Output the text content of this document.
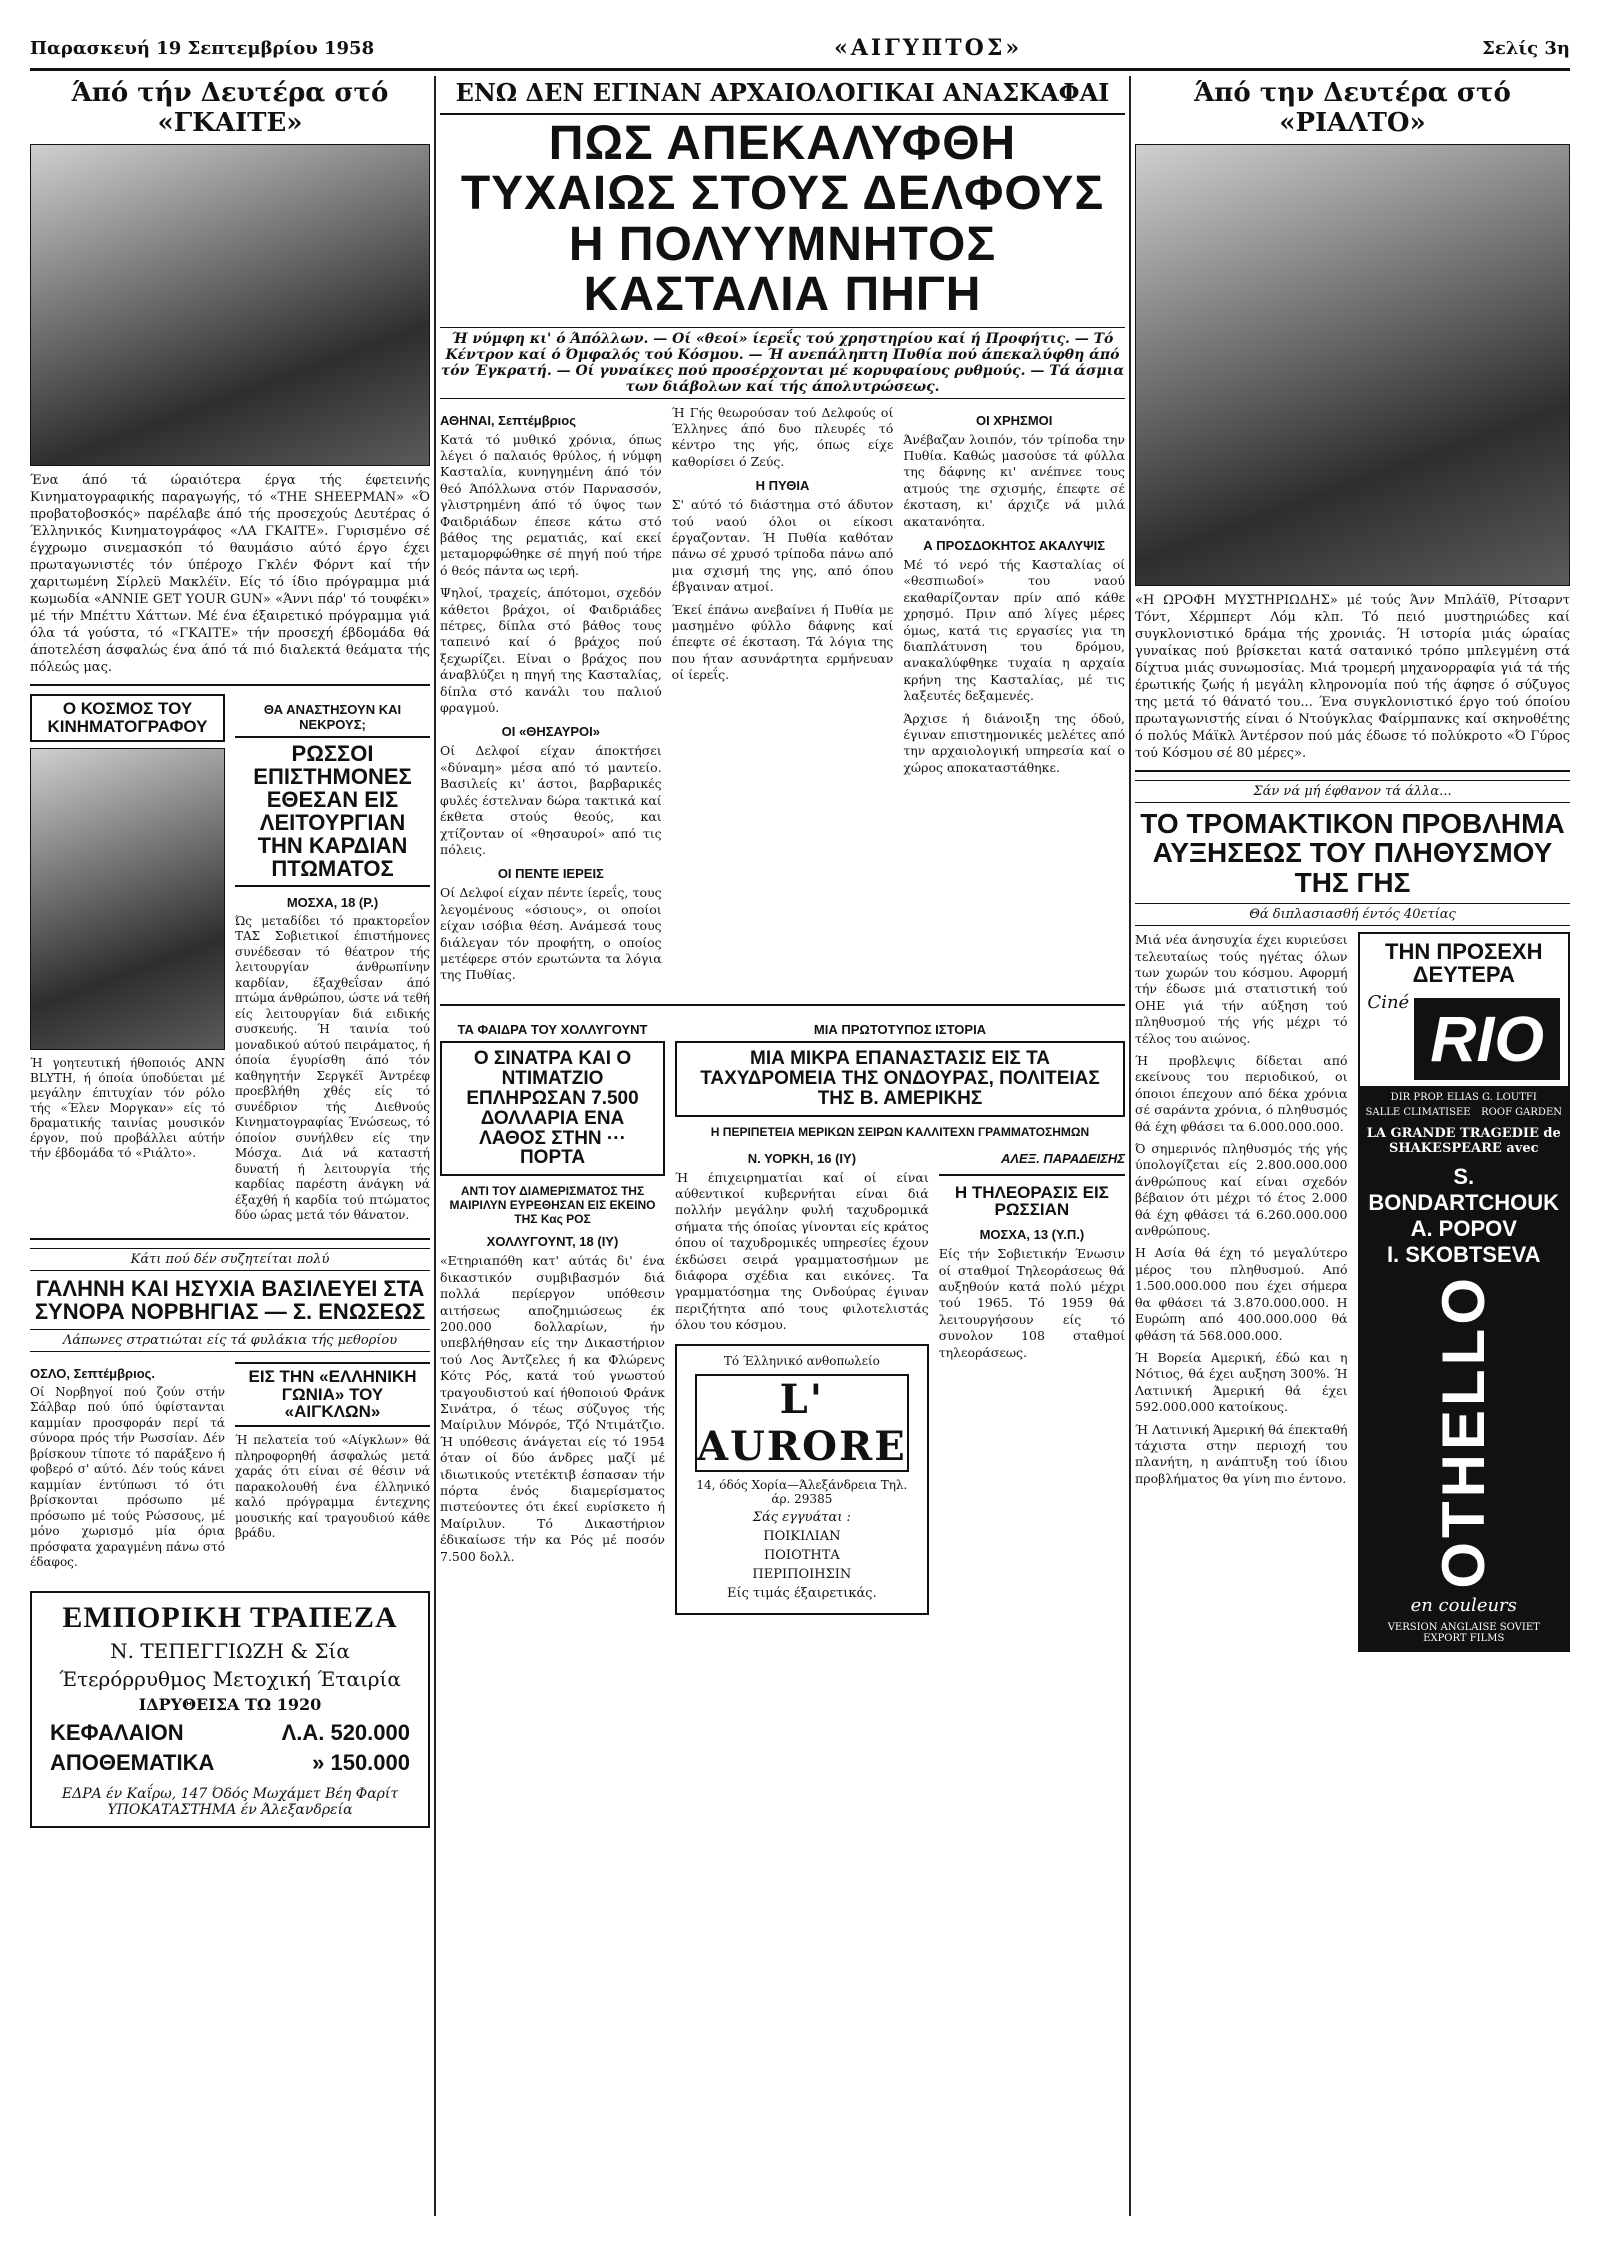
Παρασκευή 19 Σεπτεμβρίου 1958	«ΑΙΓΥΠΤΟΣ»	Σελίς 3η
Άπό τήν Δευτέρα στό «ΓΚΑΙΤΕ»

Ένα άπό τά ώραιότερα έργα τής έφετεινής Κινηματογραφικής παραγωγής, τό «ΤΗΕ SHEEPMAN» «Ό προβατοβοσκός» παρέλαβε άπό τής προσεχούς Δευτέρας ό Έλληνικός Κινηματογράφος «ΛΑ ΓΚΑΙΤΕ». Γυρισμένο σέ έγχρωμο σινεμασκόπ τό θαυμάσιο αύτό έργο έχει πρωταγωνιστές τόν ύπέροχο Γκλέν Φόρντ καί τήν χαριτωμένη Σίρλεϋ Μακλέϊν. Είς τό ίδιο πρόγραμμα μιά κωμωδία «ANNIE GET YOUR GUN» «Άννι πάρ' τό τουφέκι» μέ τήν Μπέττυ Χάττων. Μέ ένα έξαιρετικό πρόγραμμα γιά όλα τά γούστα, τό «ΓΚΑΙΤΕ» τήν προσεχή έβδομάδα θά άποτελέση άσφαλώς ένα άπό τά πιό διαλεκτά θεάματα τής πόλεώς μας.

Ο ΚΟΣΜΟΣ ΤΟΥ ΚΙΝΗΜΑΤΟΓΡΑΦΟΥ

Ή γοητευτική ήθοποιός ΑΝΝ ΒLYTH, ή όποία ύποδύεται μέ μεγάλην έπιτυχίαν τόν ρόλο τής «Έλεν Μοργκαν» είς τό δραματικής ταινίας μουσικόν έργον, πού προβάλλει αύτήν τήν έβδομάδα τό «Ριάλτο».

ΘΑ ΑΝΑΣΤΗΣΟΥΝ ΚΑΙ ΝΕΚΡΟΥΣ;
ΡΩΣΣΟΙ ΕΠΙΣΤΗΜΟΝΕΣ ΕΘΕΣΑΝ ΕΙΣ ΛΕΙΤΟΥΡΓΙΑΝ ΤΗΝ ΚΑΡΔΙΑΝ ΠΤΩΜΑΤΟΣ
ΜΟΣΧΑ, 18 (Ρ.)

Ώς μεταδίδει τό πρακτορεΐον ΤΑΣ Σοβιετικοί έπιστήμονες συνέδεσαν τό θέατρον τής λειτουργίαν άνθρωπίνην καρδίαν, έξαχθεΐσαν άπό πτώμα άνθρώπου, ώστε νά τεθή είς λειτουργίαν διά ειδικής συσκευής. Ή ταινία τού μοναδικού αύτού πειράματος, ή όποία έγυρίσθη άπό τόν καθηγητήν Σεργκέϊ Άντρέεφ προεβλήθη χθές είς τό συνέδριον τής Διεθνούς Κινηματογραφίας Ένώσεως, τό όποίον συνήλθεν είς την Μόσχα. Διά νά καταστή δυνατή ή λειτουργία τής καρδίας παρέστη άνάγκη νά έξαχθή ή καρδία τού πτώματος δύο ώρας μετά τόν θάνατον.

Κάτι πού δέν συζητείται πολύ
ΓΑΛΗΝΗ ΚΑΙ ΗΣΥΧΙΑ ΒΑΣΙΛΕΥΕΙ ΣΤΑ ΣΥΝΟΡΑ ΝΟΡΒΗΓΙΑΣ — Σ. ΕΝΩΣΕΩΣ
Λάπωνες στρατιώται είς τά φυλάκια τής μεθορίου
ΟΣΛΟ, Σεπτέμβριος.

Οί Νορβηγοί πού ζούν στήν Σάλβαρ πού ύπό ύφίστανται καμμίαν προσφοράν περί τά σύνορα πρός τήν Ρωσσίαν. Δέν βρίσκουν τίποτε τό παράξενο ή φοβερό σ' αύτό. Δέν τούς κάνει καμμίαν έντύπωσι τό ότι βρίσκονται πρόσωπο μέ πρόσωπο μέ τούς Ρώσσους, μέ μόνο χωρισμό μία όρια πρόσφατα χαραγμένη πάνω στό έδαφος.

ΕΙΣ ΤΗΝ «ΕΛΛΗΝΙΚΗ ΓΩΝΙΑ» ΤΟΥ «ΑΙΓΚΛΩΝ»

Ή πελατεία τού «Αίγκλων» θά πληροφορηθή άσφαλώς μετά χαράς ότι είναι σέ θέσιν νά παρακολουθή ένα έλληνικό καλό πρόγραμμα έντεχνης μουσικής καί τραγουδιού κάθε βράδυ.

ΕΜΠΟΡΙΚΗ ΤΡΑΠΕΖΑ
Ν. ΤΕΠΕΓΓΙΩΖΗ & Σία
Έτερόρρυθμος Μετοχική Έταιρία
ΙΔΡΥΘΕΙΣΑ ΤΩ 1920
ΚΕΦΑΛΑΙΟΝ	Λ.Α. 520.000
ΑΠΟΘΕΜΑΤΙΚΑ	» 150.000
ΕΔΡΑ έν Καΐρω, 147 Όδός Μωχάμετ Βέη Φαρίτ ΥΠΟΚΑΤΑΣΤΗΜΑ έν Άλεξανδρεία
ΕΝΩ ΔΕΝ ΕΓΙΝΑΝ ΑΡΧΑΙΟΛΟΓΙΚΑΙ ΑΝΑΣΚΑΦΑΙ
ΠΩΣ ΑΠΕΚΑΛΥΦΘΗ ΤΥΧΑΙΩΣ ΣΤΟΥΣ ΔΕΛΦΟΥΣ Η ΠΟΛΥΥΜΝΗΤΟΣ ΚΑΣΤΑΛΙΑ ΠΗΓΗ
Ή νύμφη κι' ό Άπόλλων. — Οί «θεοί» ίερεΐς τού χρηστηρίου καί ή Προφήτις. — Τό Κέντρον καί ό Όμφαλός τού Κόσμου. — Ή ανεπάληπτη Πυθία πού άπεκαλύφθη άπό τόν Έγκρατή. — Οί γυναίκες πού προσέρχονται μέ κορυφαίους ρυθμούς. — Τά άσμια των διάβολων καί τής άπολυτρώσεως.
ΑΘΗΝΑΙ, Σεπτέμβριος

Κατά τό μυθικό χρόνια, όπως λέγει ό παλαιός θρύλος, ή νύμφη Κασταλία, κυνηγημένη άπό τόν θεό Άπόλλωνα στόν Παρνασσόν, γλιστρημένη άπό τό ύψος των Φαιδριάδων έπεσε κάτω στό βάθος της ρεματιάς, καί εκεί μεταμορφώθηκε σέ πηγή πού τήρε ό θεός πάντα ως ιερή.

Ψηλοί, τραχείς, άπότομοι, σχεδόν κάθετοι βράχοι, οί Φαιδριάδες πέτρες, δίπλα στό βάθος τους ταπεινό καί ό βράχος πού ξεχωρίζει. Είναι ο βράχος που άναβλύζει η πηγή της Κασταλίας, δίπλα στό κανάλι του παλιού φραγμού.

ΟΙ «ΘΗΣΑΥΡΟΙ»

Οί Δελφοί είχαν άποκτήσει «δύναμη» μέσα από τό μαντείο. Βασιλείς κι' άστοι, βαρβαρικές φυλές έστελναν δώρα τακτικά καί έκθετα στούς θεούς, και χτίζονταν οί «θησαυροί» από τις πόλεις.

ΟΙ ΠΕΝΤΕ ΙΕΡΕΙΣ

Οί Δελφοί είχαν πέντε ίερεΐς, τους λεγομένους «όσιους», οι οποίοι είχαν ισόβια θέση. Ανάμεσά τους διάλεγαν τόν προφήτη, ο οποίος μετέφερε στόν ερωτώντα τα λόγια της Πυθίας.

Ή Γής θεωρούσαν τού Δελφούς οί Έλληνες άπό δυο πλευρές τό κέντρο της γής, όπως είχε καθορίσει ό Ζεύς.

Η ΠΥΘΙΑ

Σ' αύτό τό διάστημα στό άδυτον τού ναού όλοι οι είκοσι έργαζονταν. Ή Πυθία καθόταν πάνω σέ χρυσό τρίποδα πάνω από μια σχισμή της γης, από όπου έβγαιναν ατμοί.

Έκεί έπάνω ανεβαίνει ή Πυθία με μασημένο φύλλο δάφνης καί έπεφτε σέ έκσταση. Τά λόγια της που ήταν ασυνάρτητα ερμήνευαν οί ίερεΐς.

ΟΙ ΧΡΗΣΜΟΙ

Άνέβαζαν λοιπόν, τόν τρίποδα την Πυθία. Καθώς μασούσε τά φύλλα της δάφνης κι' ανέπνεε τους ατμούς τηε σχισμής, έπεφτε σέ έκσταση, κι' άρχιζε νά μιλά ακατανόητα.

Α ΠΡΟΣΔΟΚΗΤΟΣ ΑΚΑΛΥΨΙΣ

Μέ τό νερό τής Κασταλίας οί «θεσπιωδοί» του ναού εκαθαρίζονταν πρίν από κάθε χρησμό. Πριν από λίγες μέρες όμως, κατά τις εργασίες για τη διαπλάτυνση του δρόμου, ανακαλύφθηκε τυχαία η αρχαία κρήνη της Κασταλίας, μέ τις λαξευτές δεξαμενές.

Άρχισε ή διάνοιξη της όδού, έγιναν επιστημονικές μελέτες από την αρχαιολογική υπηρεσία καί ο χώρος αποκαταστάθηκε.

ΤΑ ΦΑΙΔΡΑ ΤΟΥ ΧΟΛΛΥΓΟΥΝΤ
Ο ΣΙΝΑΤΡΑ ΚΑΙ Ο ΝΤΙΜΑΤΖΙΟ ΕΠΛΗΡΩΣΑΝ 7.500 ΔΟΛΛΑΡΙΑ ΕΝΑ ΛΑΘΟΣ ΣΤΗΝ ··· ΠΟΡΤΑ
ΑΝΤΙ ΤΟΥ ΔΙΑΜΕΡΙΣΜΑΤΟΣ ΤΗΣ ΜΑΙΡΙΛΥΝ ΕΥΡΕΘΗΣΑΝ ΕΙΣ ΕΚΕΙΝΟ ΤΗΣ Κας ΡΟΣ
ΧΟΛΛΥΓΟΥΝΤ, 18 (ΙΥ)

«Ετηριαπόθη κατ' αύτάς δι' ένα δικαστικόν συμβιβασμόν διά πολλά περίεργον υπόθεσιν αιτήσεως αποζημιώσεως έκ 200.000 δολλαρίων, ήν υπεβλήθησαν είς την Δικαστήριον τού Λος Άντζελες ή κα Φλώρενς Κότς Ρός, κατά τού γνωστού τραγουδιστού καί ήθοποιού Φράνκ Σινάτρα, ό τέως σύζυγος τής Μαίριλυν Μόνρόε, Τζό Ντιμάτζιο. Ή υπόθεσις άνάγεται είς τό 1954 όταν οί δύο άνδρες μαζί μέ ιδιωτικούς ντετέκτιβ έσπασαν τήν πόρτα ένός διαμερίσματος πιστεύοντες ότι έκεί ευρίσκετο ή Μαίριλυν. Τό Δικαστήριον έδικαίωσε τήν κα Ρός μέ ποσόν 7.500 δολλ.

ΜΙΑ ΠΡΩΤΟΤΥΠΟΣ ΙΣΤΟΡΙΑ
ΜΙΑ ΜΙΚΡΑ ΕΠΑΝΑΣΤΑΣΙΣ ΕΙΣ ΤΑ ΤΑΧΥΔΡΟΜΕΙΑ ΤΗΣ ΟΝΔΟΥΡΑΣ, ΠΟΛΙΤΕΙΑΣ ΤΗΣ Β. ΑΜΕΡΙΚΗΣ
Η ΠΕΡΙΠΕΤΕΙΑ ΜΕΡΙΚΩΝ ΣΕΙΡΩΝ ΚΑΛΛΙΤΕΧΝ ΓΡΑΜΜΑΤΟΣΗΜΩΝ
Ν. ΥΟΡΚΗ, 16 (ΙΥ)

Ή έπιχειρηματίαι καί οί είναι αύθεντικοί κυβερνήται είναι διά πολλήν μεγάλην φυλή ταχυδρομικά σήματα τής όποίας γίνονται είς κράτος όπου οί ταχυδρομικές υπηρεσίες έχουν έκδώσει σειρά γραμματοσήμων με διάφορα σχέδια και εικόνες. Τα γραμματόσημα της Ονδούρας έγιναν περιζήτητα από τους φιλοτελιστάς όλου του κόσμου.

Τό Έλληνικό ανθοπωλείο
L' AURORE
14, όδός Χορία—Άλεξάνδρεια Τηλ. άρ. 29385
Σάς εγγυάται :
ΠΟΙΚΙΛΙΑΝ
ΠΟΙΟΤΗΤΑ
ΠΕΡΙΠΟΙΗΣΙΝ
Είς τιμάς έξαιρετικάς.
ΑΛΕΞ. ΠΑΡΑΔΕΙΣΗΣ
Η ΤΗΛΕΟΡΑΣΙΣ ΕΙΣ ΡΩΣΣΙΑΝ
ΜΟΣΧΑ, 13 (Υ.Π.)

Είς τήν Σοβιετικήν Ένωσιν οί σταθμοί Τηλεοράσεως θά αυξηθούν κατά πολύ μέχρι τού 1965. Τό 1959 θά λειτουργήσουν είς τό συνολον 108 σταθμοί τηλεοράσεως.

Άπό την Δευτέρα στό «ΡΙΑΛΤΟ»

«Η ΩΡΟΦΗ ΜΥΣΤΗΡΙΩΔΗΣ» μέ τούς Άνν Μπλάϊθ, Ρίτσαρντ Τόντ, Χέρμπερτ Λόμ κλπ. Τό πειό μυστηριώδες καί συγκλονιστικό δράμα τής χρονιάς. Ή ιστορία μιάς ώραίας γυναίκας πού βρίσκεται κατά σατανικό τρόπο μπλεγμένη στά δίχτυα μιάς συνωμοσίας. Μιά τρομερή μηχανορραφία γιά τά τής έρωτικής ζωής ή μεγάλη κληρονομία πού τής άφησε ό σύζυγος της μετά τό θάνατό του... Ένα συγκλονιστικό έργο τού όποίου πρωταγωνιστής είναι ό Ντούγκλας Φαίρμπανκς καί σκηνοθέτης ό πολύς Μάϊκλ Άντέρσον πού μάς έδωσε τό πολύκροτο «Ό Γύρος τού Κόσμου σέ 80 μέρες».

Σάν νά μή έφθανον τά άλλα...
ΤΟ ΤΡΟΜΑΚΤΙΚΟΝ ΠΡΟΒΛΗΜΑ ΑΥΞΗΣΕΩΣ ΤΟΥ ΠΛΗΘΥΣΜΟΥ ΤΗΣ ΓΗΣ
Θά διπλασιασθή έντός 40ετίας

Μιά νέα άνησυχία έχει κυριεύσει τελευταίως τούς ηγέτας όλων των χωρών του κόσμου. Αφορμή τήν έδωσε μιά στατιστική τού ΟΗΕ γιά τήν αύξηση τού πληθυσμού τής γής μέχρι τό τέλος του αιώνος.

Ή προβλεψις δίδεται από εκείνους του περιοδικού, οι όποιοι έπεχουν από δέκα χρόνια σέ σαράντα χρόνια, ό πληθυσμός θά έχη φθάσει τα 6.000.000.000.

Ό σημερινός πληθυσμός τής γής ύπολογίζεται είς 2.800.000.000 άνθρώπους καί είναι σχεδόν βέβαιον ότι μέχρι τό έτος 2.000 θά έχη φθάσει τά 6.260.000.000 ανθρώπους.

Η Ασία θά έχη τό μεγαλύτερο μέρος του πληθυσμού. Από 1.500.000.000 που έχει σήμερα θα φθάσει τά 3.870.000.000. Η Ευρώπη από 400.000.000 θά φθάση τά 568.000.000.

Ή Βορεία Αμερική, έδώ και η Νότιος, θά έχει αυξηση 300%. Ή Λατινική Άμερική θά έχει 592.000.000 κατοίκους.

Ή Λατινική Άμερική θά έπεκταθή τάχιστα στην περιοχή του πλανήτη, η ανάπτυξη τού ίδιου προβλήματος θα γίνη πιο έντονο.

ΤΗΝ ΠΡΟΣΕΧΗ ΔΕΥΤΕΡΑ
Ciné RIO
DIR PROP. ELIAS G. LOUTFI
SALLE CLIMATISEE ROOF GARDEN
LA GRANDE TRAGEDIE de SHAKESPEARE avec
S. BONDARTCHOUK
A. POPOV
I. SKOBTSEVA
OTHELLO
en couleurs
VERSION ANGLAISE SOVIET EXPORT FILMS
